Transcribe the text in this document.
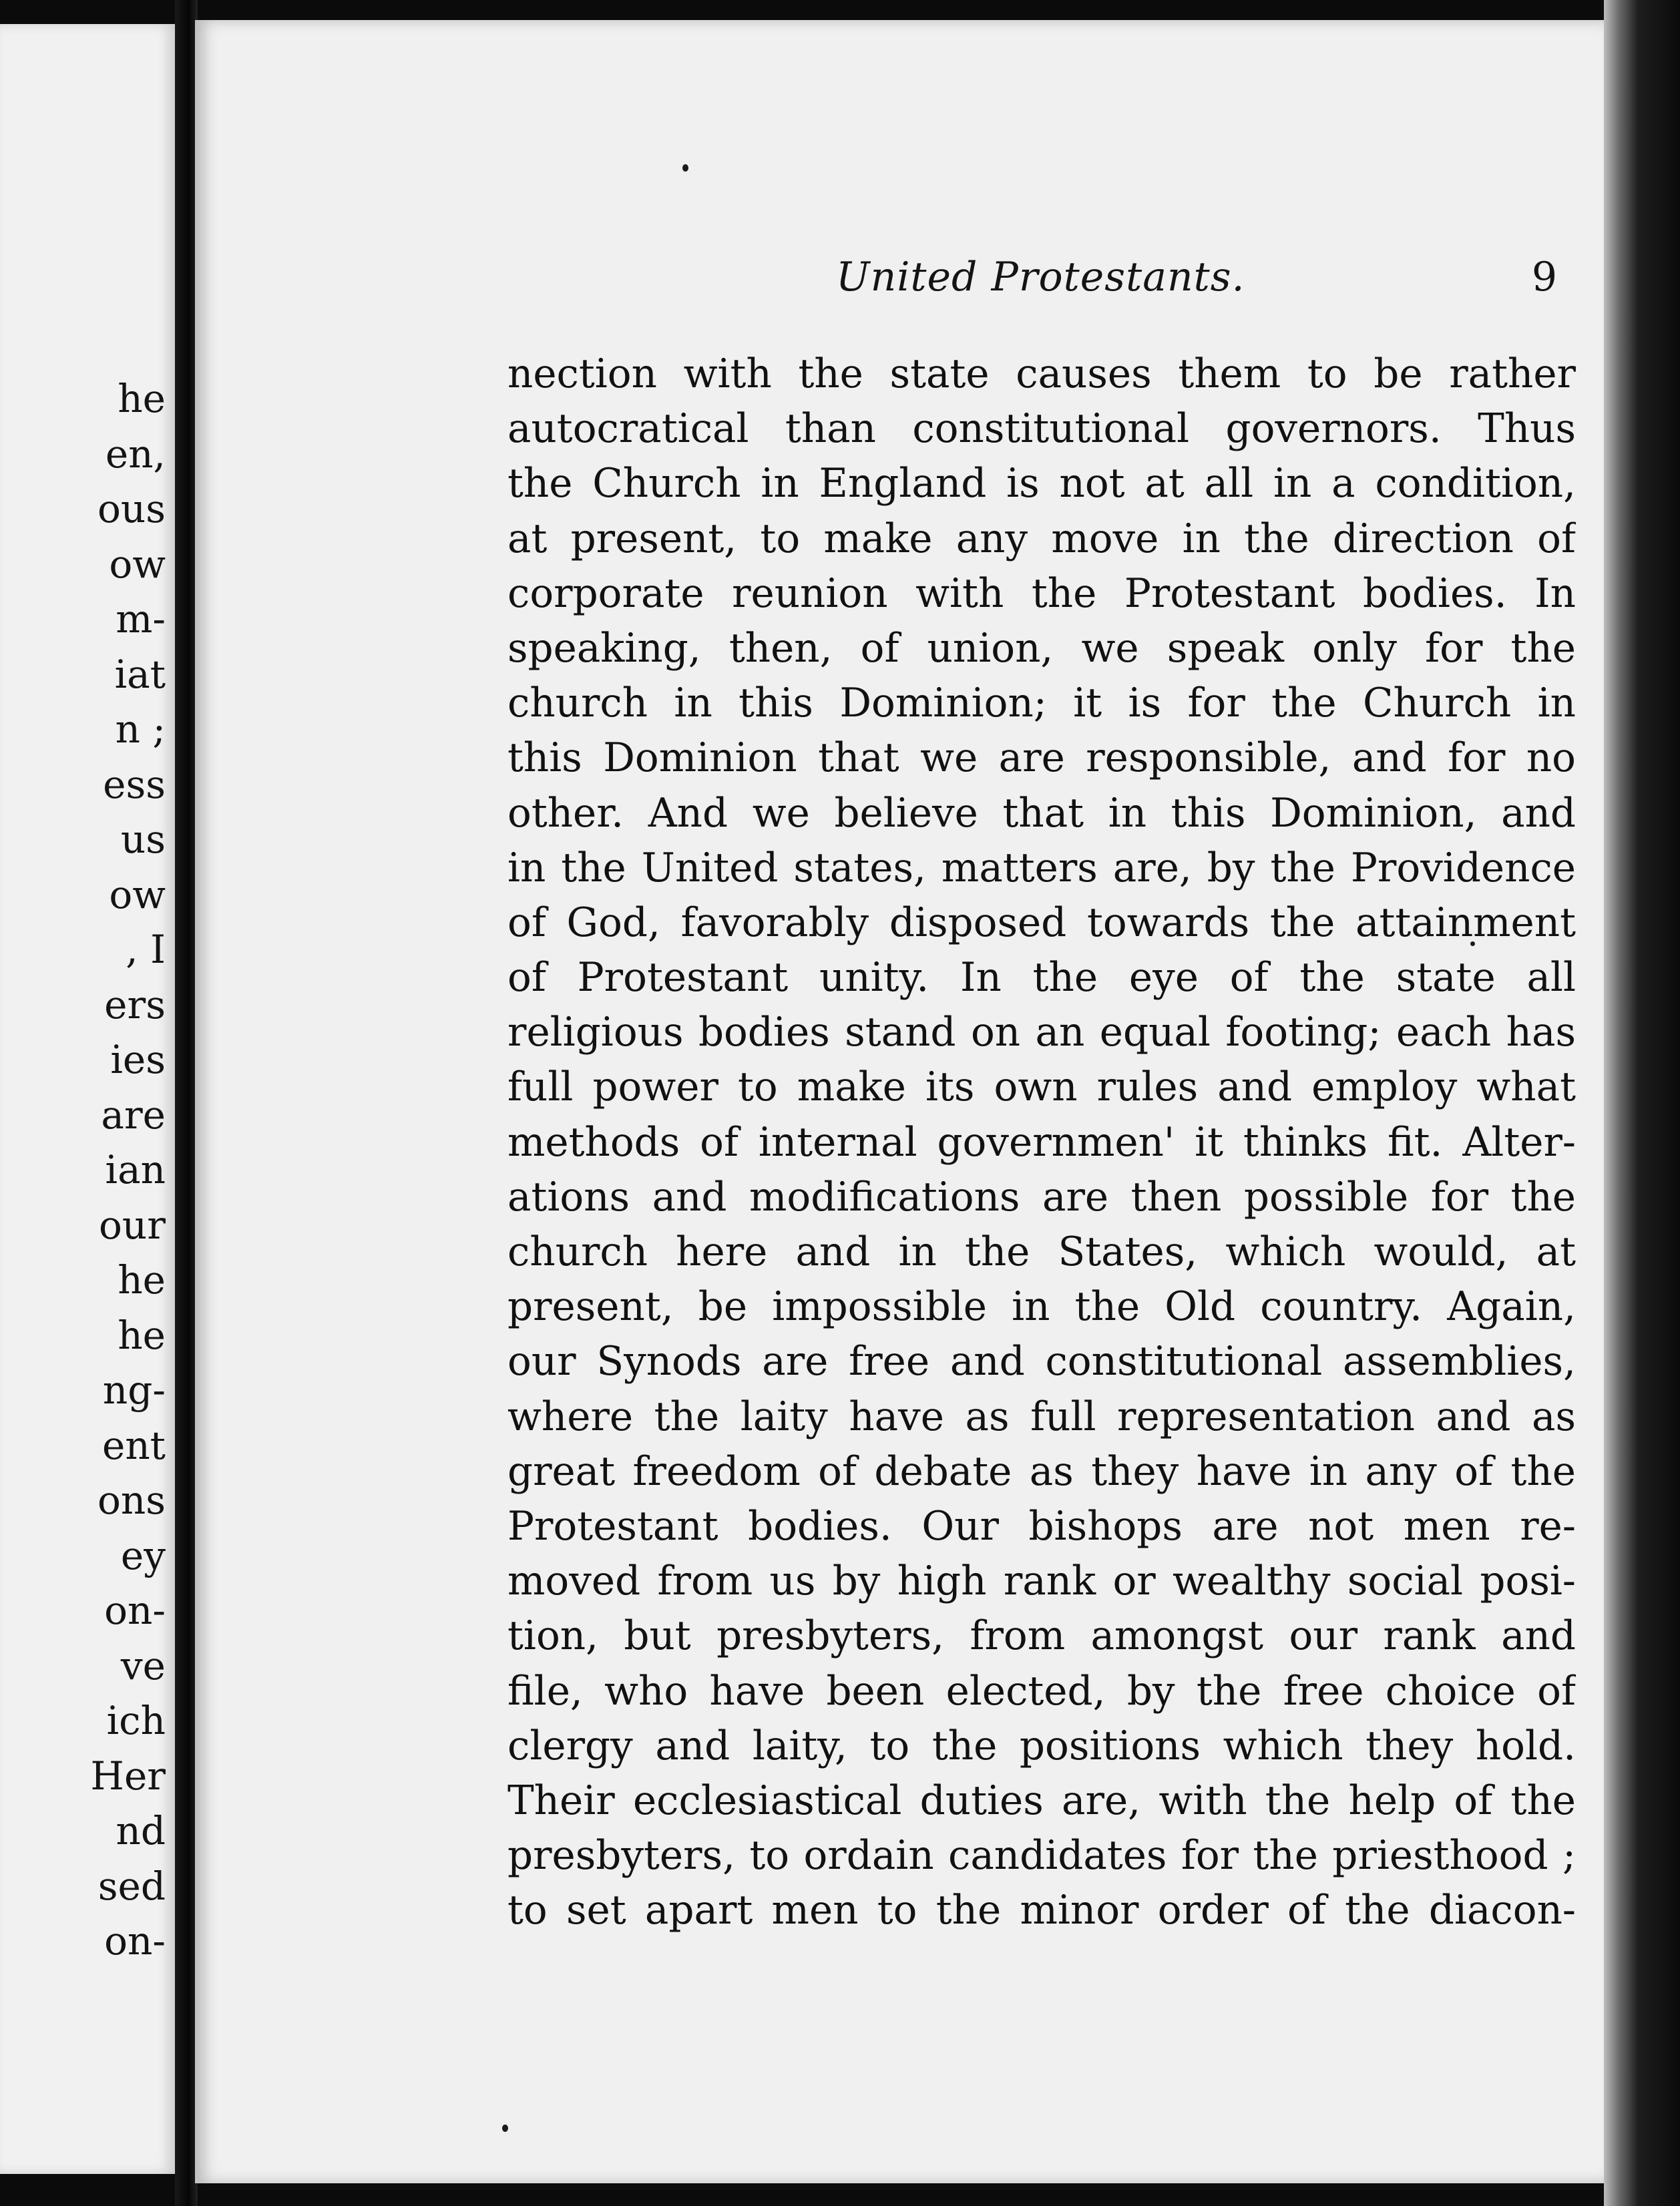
he
en,
ous
ow
m-
iat
n ;
ess
us
ow
, I
ers
ies
are
ian
our
he
he
ng-
ent
ons
ey
on-
ve
ich
Her
nd
sed
on-
United Protestants.	9
nection with the state causes them to be rather
autocratical than constitutional governors. Thus
the Church in England is not at all in a condition,
at present, to make any move in the direction of
corporate reunion with the Protestant bodies. In
speaking, then, of union, we speak only for the
church in this Dominion; it is for the Church in
this Dominion that we are responsible, and for no
other. And we believe that in this Dominion, and
in the United states, matters are, by the Providence
of God, favorably disposed towards the attainment
of Protestant unity. In the eye of the state all
religious bodies stand on an equal footing; each has
full power to make its own rules and employ what
methods of internal governmen' it thinks fit. Alter-
ations and modifications are then possible for the
church here and in the States, which would, at
present, be impossible in the Old country. Again,
our Synods are free and constitutional assemblies,
where the laity have as full representation and as
great freedom of debate as they have in any of the
Protestant bodies. Our bishops are not men re-
moved from us by high rank or wealthy social posi-
tion, but presbyters, from amongst our rank and
file, who have been elected, by the free choice of
clergy and laity, to the positions which they hold.
Their ecclesiastical duties are, with the help of the
presbyters, to ordain candidates for the priesthood ;
to set apart men to the minor order of the diacon-
